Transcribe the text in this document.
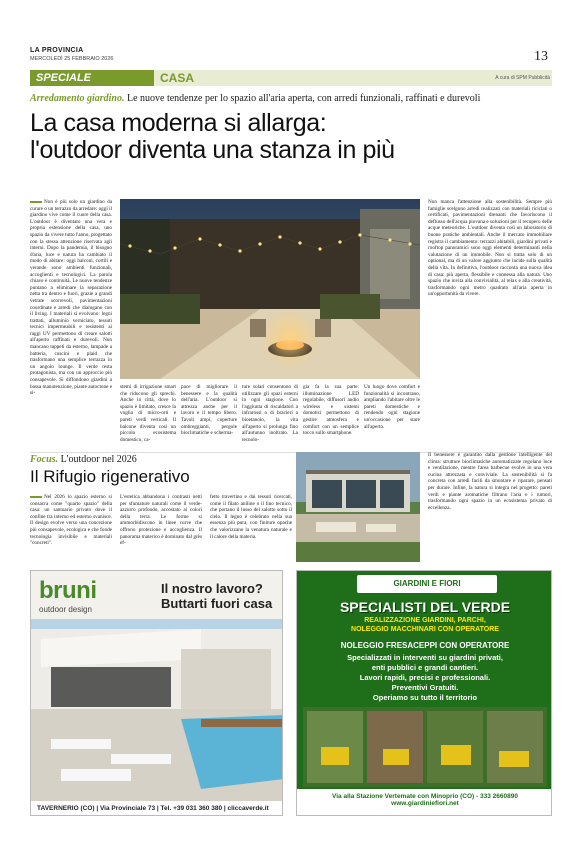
LA PROVINCIA
MERCOLEDÌ 25 FEBBRAIO 2026	13
SPECIALE	CASA	A cura di SPM Pubblicità
Arredamento giardino. Le nuove tendenze per lo spazio all'aria aperta, con arredi funzionali, raffinati e durevoli
La casa moderna si allarga:
l'outdoor diventa una stanza in più
Non è più solo un giardino da curare o un terrazzo da arredare: oggi il giardino vive come il cuore della casa. L'outdoor è diventato una vera e propria estensione della casa, uno spazio da vivere tutto l'anno, progettato con la stessa attenzione riservata agli interni. Dopo la pandemia, il bisogno d'aria, luce e natura ha cambiato il modo di abitare: oggi balconi, cortili e verande sono ambienti funzionali, accoglienti e tecnologici. La parola chiave è continuità. Le nuove tendenze puntano a eliminare la separazione netta tra dentro e fuori, grazie a grandi vetrate scorrevoli, pavimentazioni coordinate e arredi che dialogano con il living. I materiali si evolvono: legni trattati, alluminio verniciato, tessuti tecnici impermeabili e resistenti ai raggi UV permettono di creare salotti all'aperto raffinati e durevoli. Non mancano tappeti da esterno, lampade a batteria, cuscini e plaid che trasformano una semplice terrazza in un angolo lounge. Il verde resta protagonista, ma con un approccio più consapevole. Si diffondono giardini a bassa manutenzione, piante autoctone e si-
Non manca l'attenzione alla sostenibilità. Sempre più famiglie scelgono arredi realizzati con materiali riciclati o certificati, pavimentazioni drenanti che favoriscono il deflusso dell'acqua piovana e soluzioni per il recupero delle acque meteoriche. L'outdoor diventa così un laboratorio di buone pratiche ambientali. Anche il mercato immobiliare registra il cambiamento: terrazzi abitabili, giardini privati e rooftop panoramici sono oggi elementi determinanti nella valutazione di un immobile. Non si tratta solo di un optional, ma di un valore aggiunto che incide sulla qualità della vita. In definitiva, l'outdoor racconta una nuova idea di casa: più aperta, flessibile e connessa alla natura. Uno spazio che invita alla convivialità, al relax e alla creatività, trasformando ogni metro quadrato all'aria aperta in un'opportunità da vivere.
stemi di irrigazione smart che riducono gli sprechi. Anche in città, dove lo spazio è limitato, cresce la voglia di micro-orti e pareti verdi verticali. Il balcone diventa così un piccolo ecosistema domestico, ca-
pace di migliorare il benessere e la qualità dell'aria. L'outdoor si attrezza anche per il lavoro e il tempo libero. Tavoli ampi, coperture ombreggianti, pergole bioclimatiche e scherma-
ture solari consentono di utilizzare gli spazi esterni in ogni stagione. Con l'aggiunta di riscaldatori a infrarossi o di bracieri a bioetanolo, la vita all'aperto si prolunga fino all'autunno inoltrato. La tecnolo-
gia fa la sua parte: illuminazione LED regolabile, diffusori audio wireless e sistemi domotici permettono di gestire atmosfera e comfort con un semplice tocco sullo smartphone.
Un luogo dove comfort e funzionalità si incontrano, ampliando l'abitare oltre le pareti domestiche e rendendo ogni stagione un'occasione per stare all'aperto.
Focus. L'outdoor nel 2026
Il Rifugio rigenerativo
Nel 2026 lo spazio esterno si consacra come "quarto spazio" della casa: un santuario privato dove il confine tra interno ed esterno svanisce. Il design evolve verso una concezione più consapevole, ecologica e che fonde tecnologia invisibile e materiali "concreti".
L'estetica abbandona i contrasti netti per sfumature naturali come il verde-azzurro profondo, accostato ai colori della terra. Le forme si ammorbidiscono in linee curve che offrono protezione e accoglienza. Il panorama materico è dominato dal grès ef-
fetto travertino e dai tessuti ricercati, come il filato aniline o il lino tecnico, che portano il lusso del salotto sotto il cielo. Il legno è celebrato nella sua essenza più pura, con finiture opache che valorizzano la venatura naturale e il calore della materia.
Il benessere è garantito dalla gestione intelligente del clima: strutture bioclimatiche automatizzate regolano luce e ventilazione, mentre l'area barbecue evolve in una vera cucina attrezzata e conviviale. La sostenibilità si fa concreta con arredi facili da smontare e riparare, pensati per durare. Infine, la natura si integra nel progetto: pareti verdi e piante aromatiche filtrano l'aria e i rumori, trasformando ogni spazio in un ecosistema privato di eccellenza.
bruni
outdoor design
Il nostro lavoro?
Buttarti fuori casa
TAVERNERIO (CO) | Via Provinciale 73 | Tel. +39 031 360 380 | cliccaverde.it
GIARDINI E FIORI
SPECIALISTI DEL VERDE
REALIZZAZIONE GIARDINI, PARCHI,
NOLEGGIO MACCHINARI CON OPERATORE
NOLEGGIO FRESACEPPI CON OPERATORE
Specializzati in interventi su giardini privati,
enti pubblici e grandi cantieri.
Lavori rapidi, precisi e professionali.
Preventivi Gratuiti.
Operiamo su tutto il territorio
Via alla Stazione Vertemate con Minoprio (CO) - 333 2660890
www.giardiniefiori.net
